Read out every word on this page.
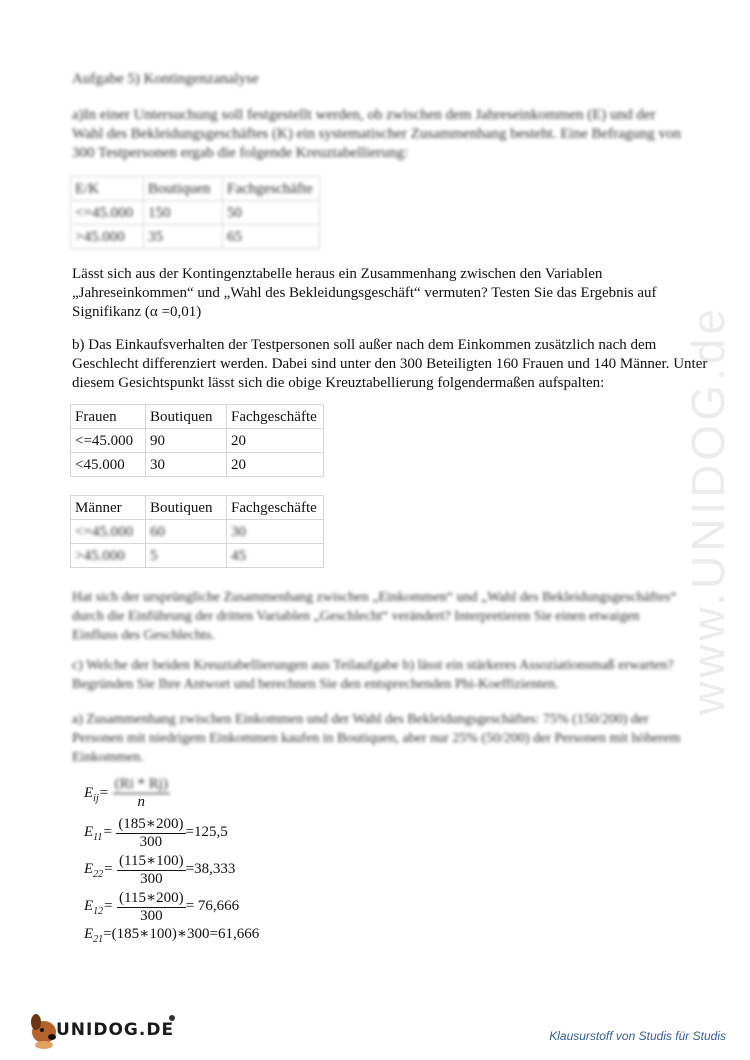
www.UNIDOG.de
Aufgabe 5) Kontingenzanalyse
a)In einer Untersuchung soll festgestellt werden, ob zwischen dem Jahreseinkommen (E) und der Wahl des Bekleidungsgeschäftes (K) ein systematischer Zusammenhang besteht. Eine Befragung von 300 Testpersonen ergab die folgende Kreuztabellierung:
E/K	Boutiquen	Fachgeschäfte
<=45.000	150	50
>45.000	35	65
Lässt sich aus der Kontingenztabelle heraus ein Zusammenhang zwischen den Variablen „Jahreseinkommen“ und „Wahl des Bekleidungsgeschäft“ vermuten? Testen Sie das Ergebnis auf Signifikanz (α =0,01)
b) Das Einkaufsverhalten der Testpersonen soll außer nach dem Einkommen zusätzlich nach dem Geschlecht differenziert werden. Dabei sind unter den 300 Beteiligten 160 Frauen und 140 Männer. Unter diesem Gesichtspunkt lässt sich die obige Kreuztabellierung folgendermaßen aufspalten:
Frauen	Boutiquen	Fachgeschäfte
<=45.000	90	20
<45.000	30	20
Männer	Boutiquen	Fachgeschäfte
<=45.000	60	30
>45.000	5	45
Hat sich der ursprüngliche Zusammenhang zwischen „Einkommen“ und „Wahl des Bekleidungsgeschäftes“ durch die Einführung der dritten Variablen „Geschlecht“ verändert? Interpretieren Sie einen etwaigen Einfluss des Geschlechts.
c) Welche der beiden Kreuztabellierungen aus Teilaufgabe b) lässt ein stärkeres Assoziationsmaß erwarten? Begründen Sie Ihre Antwort und berechnen Sie den entsprechenden Phi-Koeffizienten.
a) Zusammenhang zwischen Einkommen und der Wahl des Bekleidungsgeschäftes: 75% (150/200) der Personen mit niedrigem Einkommen kaufen in Boutiquen, aber nur 25% (50/200) der Personen mit höherem Einkommen.
$E_{ij}= \frac{(Ri * Rj)}{n}$
$E_{11}= \frac{(185∗200)}{300} =125,5$
$E_{22}= \frac{(115∗100)}{300} =38,333$
$E_{12}= \frac{(115∗200)}{300} = 76,666$
$E_{21}=(185∗100)∗300=61,666$
UNIDOG.DE	Klausurstoff von Studis für Studis
